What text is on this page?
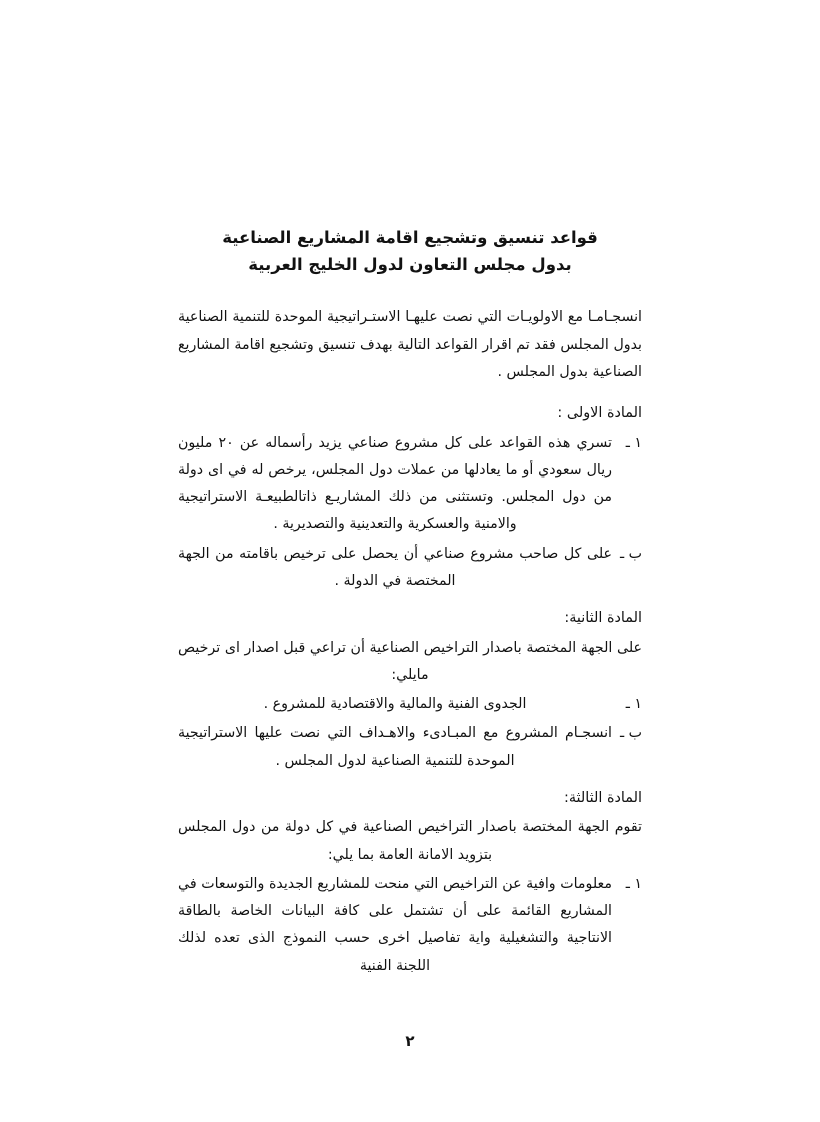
قواعد تنسيق وتشجيع اقامة المشاريع الصناعية
بدول مجلس التعاون لدول الخليج العربية

انسجـامـا مع الاولويـات التي نصت عليهـا الاستـراتيجية الموحدة للتنمية الصناعية بدول المجلس فقد تم اقرار القواعد التالية بهدف تنسيق وتشجيع اقامة المشاريع الصناعية بدول المجلس .

المادة الاولى :
١ ـ
تسري هذه القواعد على كل مشروع صناعي يزيد رأسماله عن ٢٠ مليون ريال سعودي أو ما يعادلها من عملات دول المجلس، يرخص له في اى دولة من دول المجلس. وتستثنى من ذلك المشاريـع ذاتالطبيعـة الاستراتيجية والامنية والعسكرية والتعدينية والتصديرية .
ب ـ
على كل صاحب مشروع صناعي أن يحصل على ترخيص باقامته من الجهة المختصة في الدولة .
المادة الثانية:
على الجهة المختصة باصدار التراخيص الصناعية أن تراعي قبل اصدار اى ترخيص مايلي:
١ ـ
الجدوى الفنية والمالية والاقتصادية للمشروع .
ب ـ
انسجـام المشروع مع المبـادىء والاهـداف التي نصت عليها الاستراتيجية الموحدة للتنمية الصناعية لدول المجلس .
المادة الثالثة:
تقوم الجهة المختصة باصدار التراخيص الصناعية في كل دولة من دول المجلس بتزويد الامانة العامة بما يلي:
١ ـ
معلومات وافية عن التراخيص التي منحت للمشاريع الجديدة والتوسعات في المشاريع القائمة على أن تشتمل على كافة البيانات الخاصة بالطاقة الانتاجية والتشغيلية واية تفاصيل اخرى حسب النموذج الذى تعده لذلك اللجنة الفنية
٢
